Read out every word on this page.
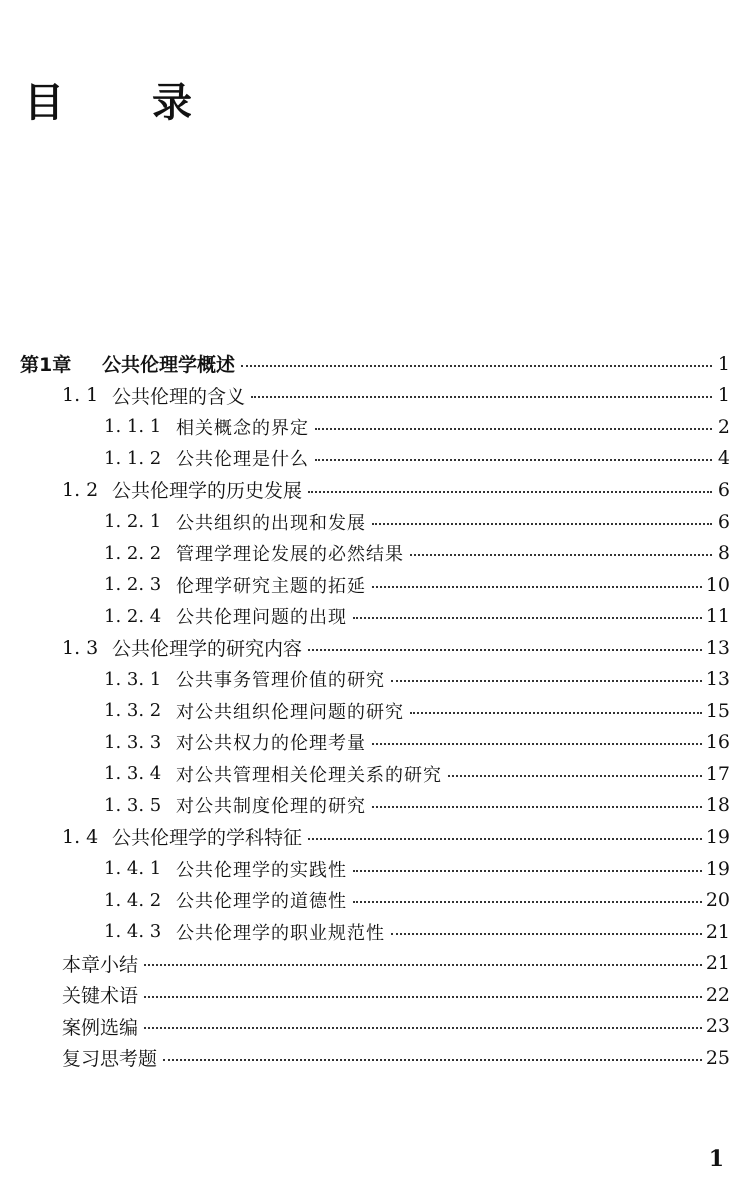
目 录
第1章	公共伦理学概述	1
1. 1 公共伦理的含义	1
1. 1. 1 相关概念的界定	2
1. 1. 2 公共伦理是什么	4
1. 2 公共伦理学的历史发展	6
1. 2. 1 公共组织的出现和发展	6
1. 2. 2 管理学理论发展的必然结果	8
1. 2. 3 伦理学研究主题的拓延	10
1. 2. 4 公共伦理问题的出现	11
1. 3 公共伦理学的研究内容	13
1. 3. 1 公共事务管理价值的研究	13
1. 3. 2 对公共组织伦理问题的研究	15
1. 3. 3 对公共权力的伦理考量	16
1. 3. 4 对公共管理相关伦理关系的研究	17
1. 3. 5 对公共制度伦理的研究	18
1. 4 公共伦理学的学科特征	19
1. 4. 1 公共伦理学的实践性	19
1. 4. 2 公共伦理学的道德性	20
1. 4. 3 公共伦理学的职业规范性	21
本章小结	21
关键术语	22
案例选编	23
复习思考题	25
1
